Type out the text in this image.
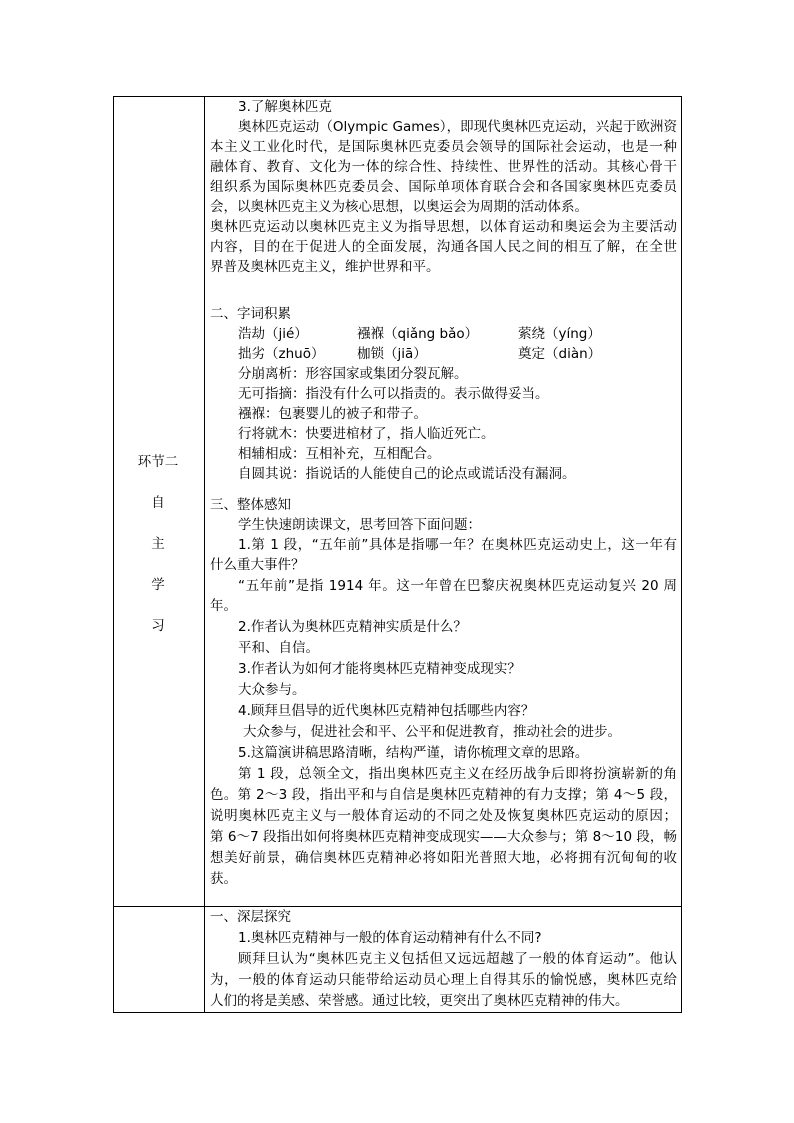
环节二
自
主
学
习
3.了解奥林匹克
奥林匹克运动（Olympic Games），即现代奥林匹克运动，兴起于欧洲资
本主义工业化时代，是国际奥林匹克委员会领导的国际社会运动，也是一种
融体育、教育、文化为一体的综合性、持续性、世界性的活动。其核心骨干
组织系为国际奥林匹克委员会、国际单项体育联合会和各国家奥林匹克委员
会，以奥林匹克主义为核心思想，以奥运会为周期的活动体系。
奥林匹克运动以奥林匹克主义为指导思想，以体育运动和奥运会为主要活动
内容，目的在于促进人的全面发展，沟通各国人民之间的相互了解，在全世
界普及奥林匹克主义，维护世界和平。
二、字词积累
浩劫（jié）	襁褓（qiǎng bǎo）	萦绕（yíng）
拙劣（zhuō） 枷锁（jiā）	奠定（diàn）
分崩离析：形容国家或集团分裂瓦解。
无可指摘：指没有什么可以指责的。表示做得妥当。
襁褓：包裹婴儿的被子和带子。
行将就木：快要进棺材了，指人临近死亡。
相辅相成：互相补充，互相配合。
自圆其说：指说话的人能使自己的论点或谎话没有漏洞。
三、整体感知
学生快速朗读课文，思考回答下面问题：
1.第 1 段，“五年前”具体是指哪一年？在奥林匹克运动史上，这一年有
什么重大事件？
“五年前”是指 1914 年。这一年曾在巴黎庆祝奥林匹克运动复兴 20 周
年。
2.作者认为奥林匹克精神实质是什么？
平和、自信。
3.作者认为如何才能将奥林匹克精神变成现实？
大众参与。
4.顾拜旦倡导的近代奥林匹克精神包括哪些内容？
大众参与，促进社会和平、公平和促进教育，推动社会的进步。
5.这篇演讲稿思路清晰，结构严谨，请你梳理文章的思路。
第 1 段，总领全文，指出奥林匹克主义在经历战争后即将扮演崭新的角
色。第 2～3 段，指出平和与自信是奥林匹克精神的有力支撑；第 4～5 段，
说明奥林匹克主义与一般体育运动的不同之处及恢复奥林匹克运动的原因；
第 6～7 段指出如何将奥林匹克精神变成现实——大众参与；第 8～10 段，畅
想美好前景，确信奥林匹克精神必将如阳光普照大地，必将拥有沉甸甸的收
获。
一、深层探究
1.奥林匹克精神与一般的体育运动精神有什么不同?
顾拜旦认为“奥林匹克主义包括但又远远超越了一般的体育运动”。他认
为，一般的体育运动只能带给运动员心理上自得其乐的愉悦感，奥林匹克给
人们的将是美感、荣誉感。通过比较，更突出了奥林匹克精神的伟大。
